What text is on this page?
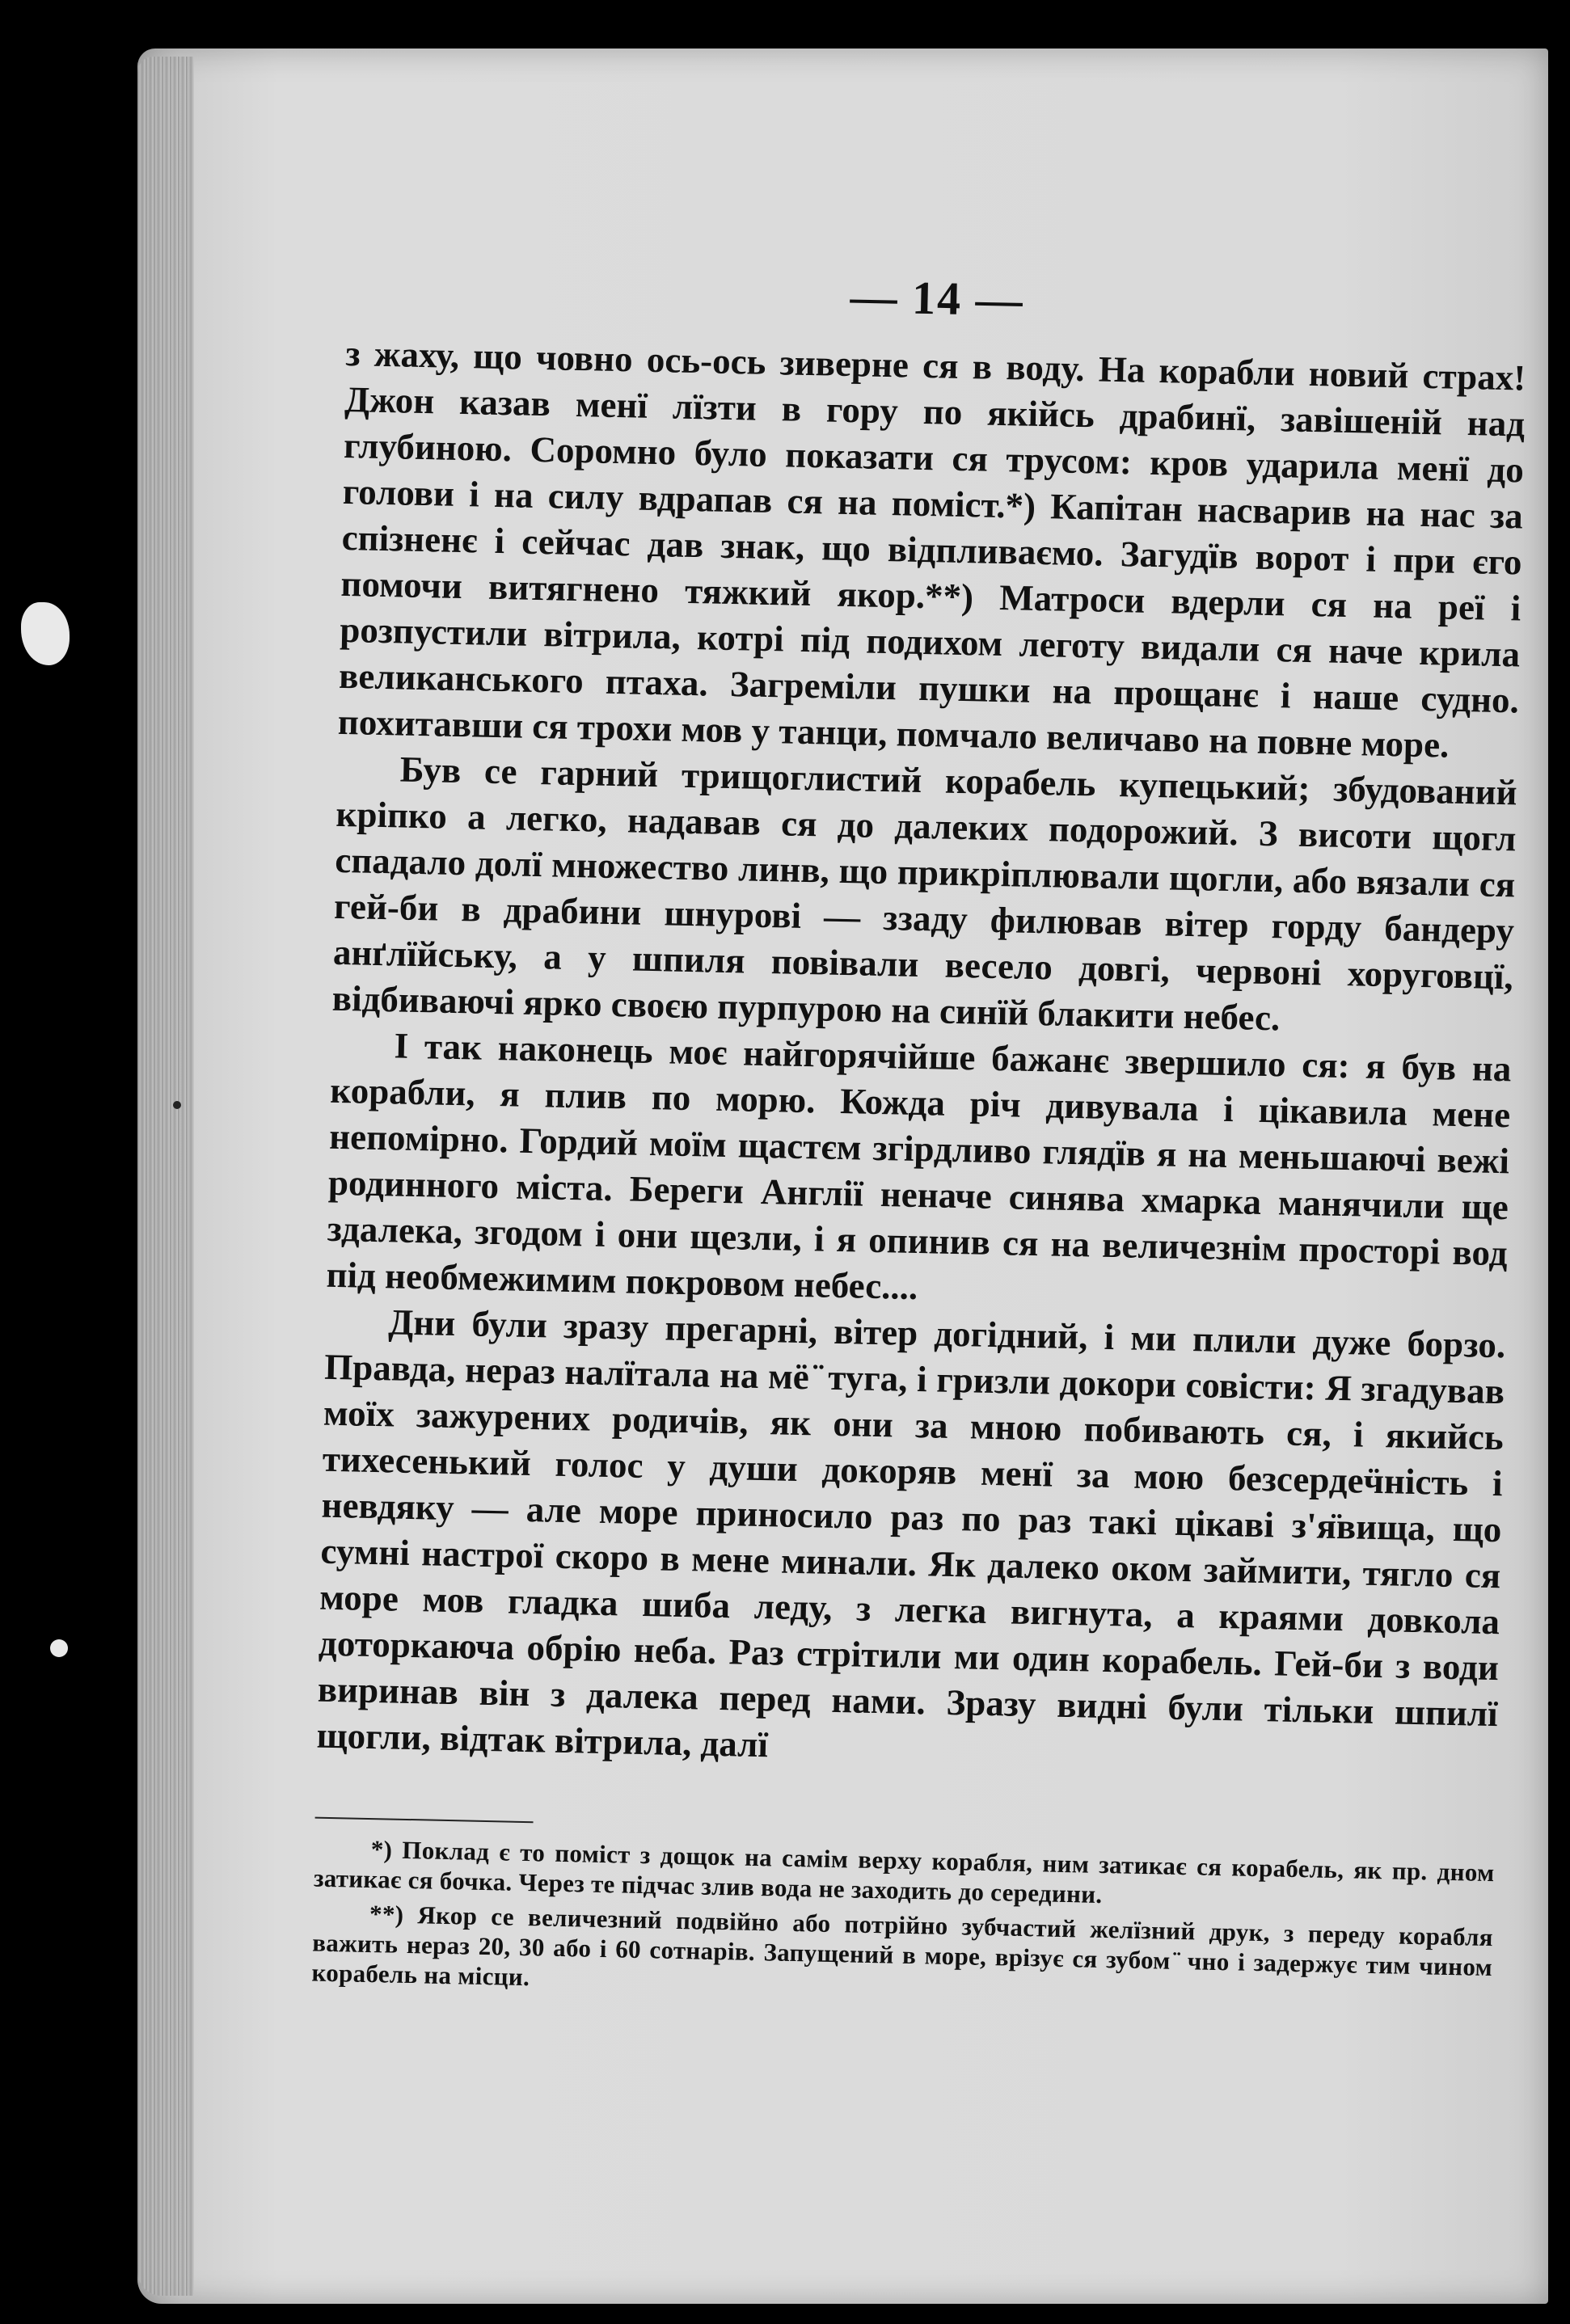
— 14 —

з жаху, що човно ось-ось зиверне ся в воду. На корабли новий страх! Джон казав менї лїзти в гору по якійсь драбинї, завішеній над глубиною. Соромно було показати ся трусом: кров ударила менї до голови і на силу вдрапав ся на поміст.*) Капітан насварив на нас за спізненє і сейчас дав знак, що відпливаємо. Загудїв ворот і при єго помочи витягнено тяжкий якор.**) Матроси вдерли ся на реї і розпустили вітрила, котрі під подихом леготу видали ся наче крила великанського птаха. Загреміли пушки на прощанє і наше судно. похитавши ся трохи мов у танци, помчало величаво на повне море.

Був се гарний трищоглистий корабель купецький; збудований кріпко а легко, надавав ся до далеких подорожий. З висоти щогл спадало долї множество линв, що прикріплювали щогли, або вязали ся гей-би в драбини шнурові — ззаду филював вітер горду бандеру анґлїйську, а у шпиля повівали весело довгі, червоні хоруговцї, відбиваючі ярко своєю пурпурою на синїй блакити небес.

І так наконець моє найгорячійше бажанє звершило ся: я був на корабли, я плив по морю. Кожда річ дивувала і цікавила мене непомірно. Гордий моїм щастєм згірдливо глядїв я на меньшаючі вежі родинного міста. Береги Англії неначе синява хмарка манячили ще здалека, згодом і они щезли, і я опинив ся на величезнім просторі вод під необмежимим покровом небес....

Дни були зразу прегарні, вітер догідний, і ми плили дуже борзо. Правда, нераз налїтала на мё ̈ туга, і гризли докори совісти: Я згадував моїх зажурених родичів, як они за мною побивають ся, і якийсь тихесенький голос у души докоряв менї за мою безсердеӵність і невдяку — але море приносило раз по раз такі цікаві з'я̈вища, що сумні настрої скоро в мене минали. Як далеко оком займити, тягло ся море мов гладка шиба леду, з легка вигнута, а краями довкола доторкаюча обрію неба. Раз стрітили ми один корабель. Гей-би з води виринав він з далека перед нами. Зразу видні були тільки шпилї щогли, відтак вітрила, далї

*) Поклад є то поміст з дощок на самім верху корабля, ним затикає ся корабель, як пр. дном затикає ся бочка. Через те підчас злив вода не заходить до середини.

**) Якор се величезний подвійно або потрійно зубчастий желїзний друк, з переду корабля важить нераз 20, 30 або і 60 сотнарів. Запущений в море, врізує ся зубом ̈ чно і задержує тим чином корабель на місци.
